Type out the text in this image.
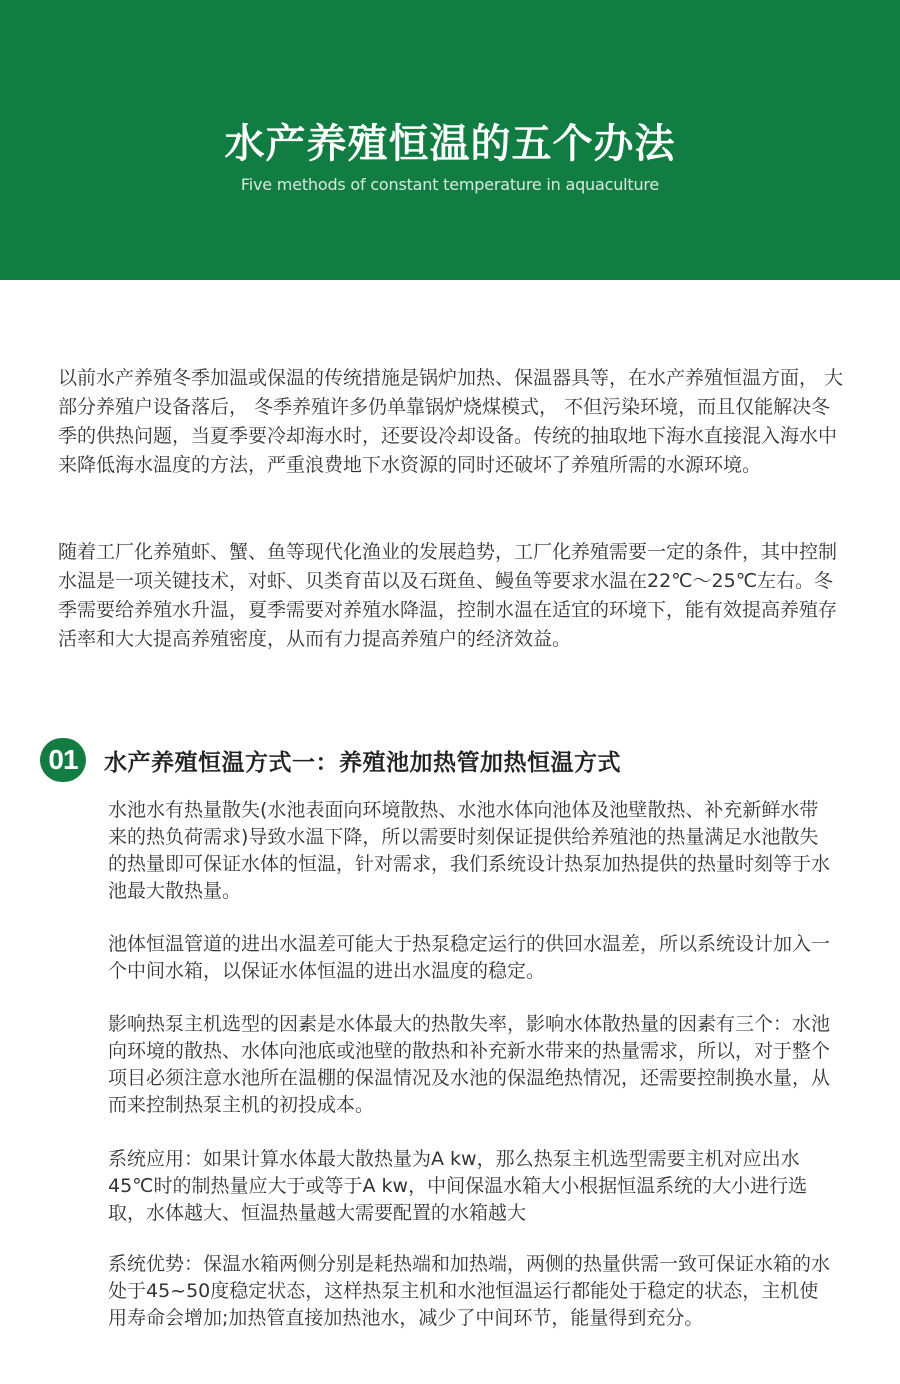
水产养殖恒温的五个办法
Five methods of constant temperature in aquaculture

以前水产养殖冬季加温或保温的传统措施是锅炉加热、保温器具等，在水产养殖恒温方面， 大部分养殖户设备落后， 冬季养殖许多仍单靠锅炉烧煤模式， 不但污染环境，而且仅能解决冬季的供热问题，当夏季要冷却海水时，还要设冷却设备。传统的抽取地下海水直接混入海水中来降低海水温度的方法，严重浪费地下水资源的同时还破坏了养殖所需的水源环境。

随着工厂化养殖虾、蟹、鱼等现代化渔业的发展趋势，工厂化养殖需要一定的条件，其中控制水温是一项关键技术，对虾、贝类育苗以及石斑鱼、鳗鱼等要求水温在22℃～25℃左右。冬季需要给养殖水升温，夏季需要对养殖水降温，控制水温在适宜的环境下，能有效提高养殖存活率和大大提高养殖密度，从而有力提高养殖户的经济效益。

01	水产养殖恒温方式一：养殖池加热管加热恒温方式

水池水有热量散失(水池表面向环境散热、水池水体向池体及池壁散热、补充新鲜水带来的热负荷需求)导致水温下降，所以需要时刻保证提供给养殖池的热量满足水池散失的热量即可保证水体的恒温，针对需求，我们系统设计热泵加热提供的热量时刻等于水池最大散热量。

池体恒温管道的进出水温差可能大于热泵稳定运行的供回水温差，所以系统设计加入一个中间水箱，以保证水体恒温的进出水温度的稳定。

影响热泵主机选型的因素是水体最大的热散失率，影响水体散热量的因素有三个：水池向环境的散热、水体向池底或池壁的散热和补充新水带来的热量需求，所以，对于整个项目必须注意水池所在温棚的保温情况及水池的保温绝热情况，还需要控制换水量，从而来控制热泵主机的初投成本。

系统应用：如果计算水体最大散热量为A kw，那么热泵主机选型需要主机对应出水45℃时的制热量应大于或等于A kw，中间保温水箱大小根据恒温系统的大小进行选取，水体越大、恒温热量越大需要配置的水箱越大

系统优势：保温水箱两侧分别是耗热端和加热端，两侧的热量供需一致可保证水箱的水处于45~50度稳定状态，这样热泵主机和水池恒温运行都能处于稳定的状态，主机使用寿命会增加;加热管直接加热池水，减少了中间环节，能量得到充分。
